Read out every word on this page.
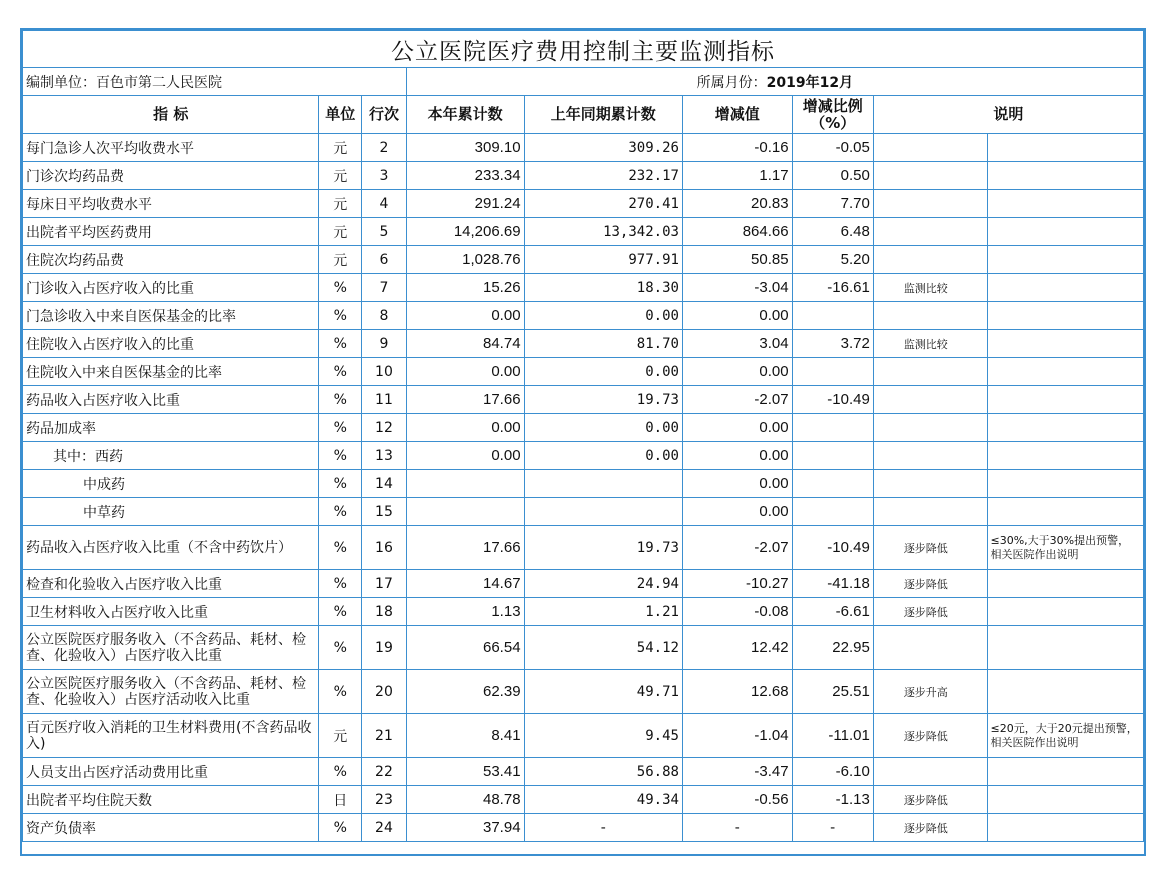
公立医院医疗费用控制主要监测指标								
编制单位：百色市第二人民医院			所属月份：2019年12月					
指 标	单位	行次	本年累计数	上年同期累计数	增减值	增减比例（%）	说明	
每门急诊人次平均收费水平	元	2	309.10	309.26	-0.16	-0.05		
门诊次均药品费	元	3	233.34	232.17	1.17	0.50		
每床日平均收费水平	元	4	291.24	270.41	20.83	7.70		
出院者平均医药费用	元	5	14,206.69	13,342.03	864.66	6.48		
住院次均药品费	元	6	1,028.76	977.91	50.85	5.20		
门诊收入占医疗收入的比重	%	7	15.26	18.30	-3.04	-16.61	监测比较	
门急诊收入中来自医保基金的比率	%	8	0.00	0.00	0.00			
住院收入占医疗收入的比重	%	9	84.74	81.70	3.04	3.72	监测比较	
住院收入中来自医保基金的比率	%	10	0.00	0.00	0.00			
药品收入占医疗收入比重	%	11	17.66	19.73	-2.07	-10.49		
药品加成率	%	12	0.00	0.00	0.00			
其中：西药	%	13	0.00	0.00	0.00			
中成药	%	14			0.00			
中草药	%	15			0.00			
药品收入占医疗收入比重（不含中药饮片）	%	16	17.66	19.73	-2.07	-10.49	逐步降低	≤30%,大于30%提出预警，相关医院作出说明
检查和化验收入占医疗收入比重	%	17	14.67	24.94	-10.27	-41.18	逐步降低	
卫生材料收入占医疗收入比重	%	18	1.13	1.21	-0.08	-6.61	逐步降低	
公立医院医疗服务收入（不含药品、耗材、检查、化验收入）占医疗收入比重	%	19	66.54	54.12	12.42	22.95		
公立医院医疗服务收入（不含药品、耗材、检查、化验收入）占医疗活动收入比重	%	20	62.39	49.71	12.68	25.51	逐步升高	
百元医疗收入消耗的卫生材料费用(不含药品收入)	元	21	8.41	9.45	-1.04	-11.01	逐步降低	≤20元，大于20元提出预警，相关医院作出说明
人员支出占医疗活动费用比重	%	22	53.41	56.88	-3.47	-6.10		
出院者平均住院天数	日	23	48.78	49.34	-0.56	-1.13	逐步降低	
资产负债率	%	24	37.94	-	-	-	逐步降低	
